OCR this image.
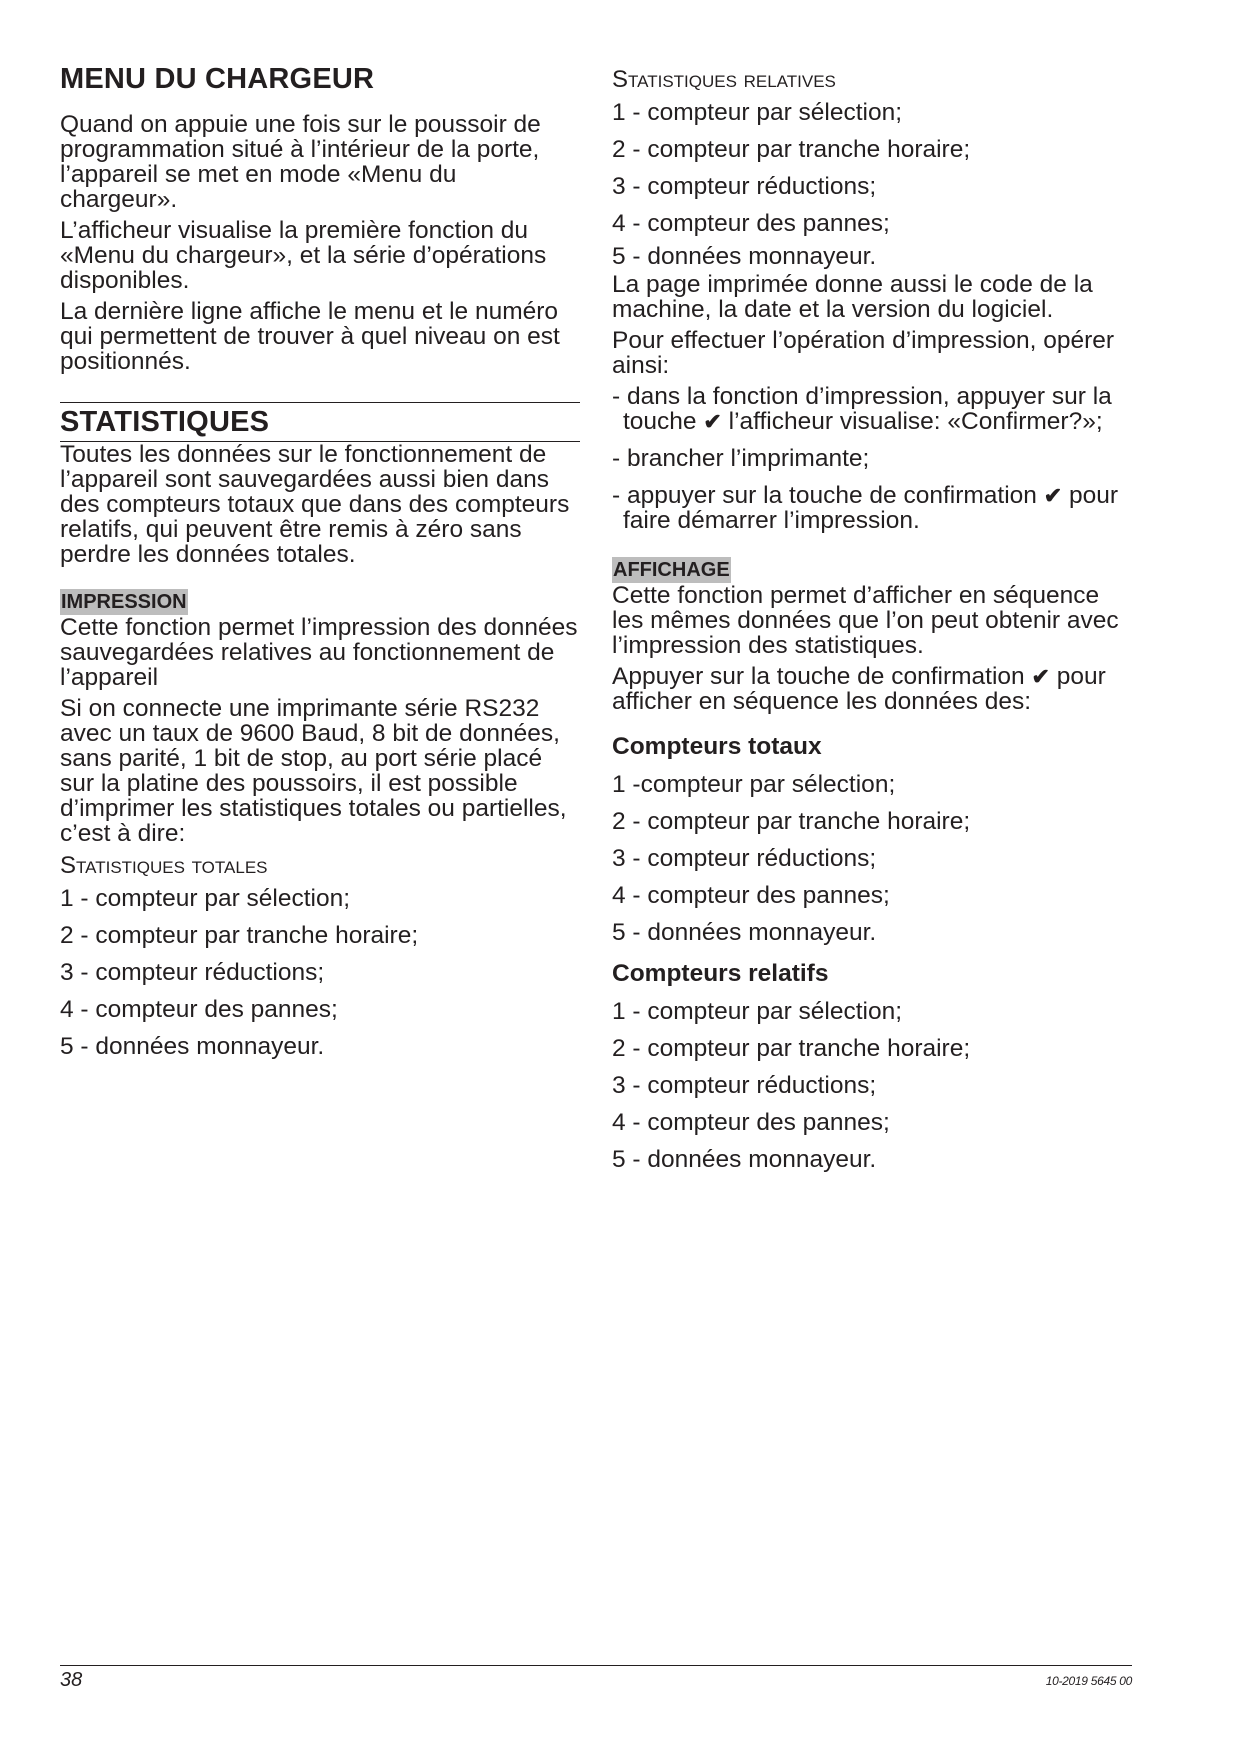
MENU DU CHARGEUR

Quand on appuie une fois sur le poussoir de programmation situé à l’intérieur de la porte, l’appareil se met en mode «Menu du chargeur».

L’afficheur visualise la première fonction du «Menu du chargeur», et la série d’opérations disponibles.

La dernière ligne affiche le menu et le numéro qui permettent de trouver à quel niveau on est positionnés.

STATISTIQUES

Toutes les données sur le fonctionnement de l’appareil sont sauvegardées aussi bien dans des compteurs totaux que dans des compteurs relatifs, qui peuvent être remis à zéro sans perdre les données totales.

IMPRESSION

Cette fonction permet l’impression des données sauvegardées relatives au fonctionnement de l’appareil

Si on connecte une imprimante série RS232 avec un taux de 9600 Baud, 8 bit de données, sans parité, 1 bit de stop, au port série placé sur la platine des poussoirs, il est possible d’imprimer les statistiques totales ou partielles, c’est à dire:

Statistiques totales
1 - compteur par sélection;
2 - compteur par tranche horaire;
3 - compteur réductions;
4 - compteur des pannes;
5 - données monnayeur.
Statistiques relatives
1 - compteur par sélection;
2 - compteur par tranche horaire;
3 - compteur réductions;
4 - compteur des pannes;
5 - données monnayeur.

La page imprimée donne aussi le code de la machine, la date et la version du logiciel.

Pour effectuer l’opération d’impression, opérer ainsi:

- dans la fonction d’impression, appuyer sur la touche ✔ l’afficheur visualise: «Confirmer?»;

- brancher l’imprimante;

- appuyer sur la touche de confirmation ✔ pour faire démarrer l’impression.

AFFICHAGE

Cette fonction permet d’afficher en séquence les mêmes données que l’on peut obtenir avec l’impression des statistiques.

Appuyer sur la touche de confirmation ✔ pour afficher en séquence les données des:

Compteurs totaux
1 -compteur par sélection;
2 - compteur par tranche horaire;
3 - compteur réductions;
4 - compteur des pannes;
5 - données monnayeur.
Compteurs relatifs
1 - compteur par sélection;
2 - compteur par tranche horaire;
3 - compteur réductions;
4 - compteur des pannes;
5 - données monnayeur.
38	10-2019 5645 00
